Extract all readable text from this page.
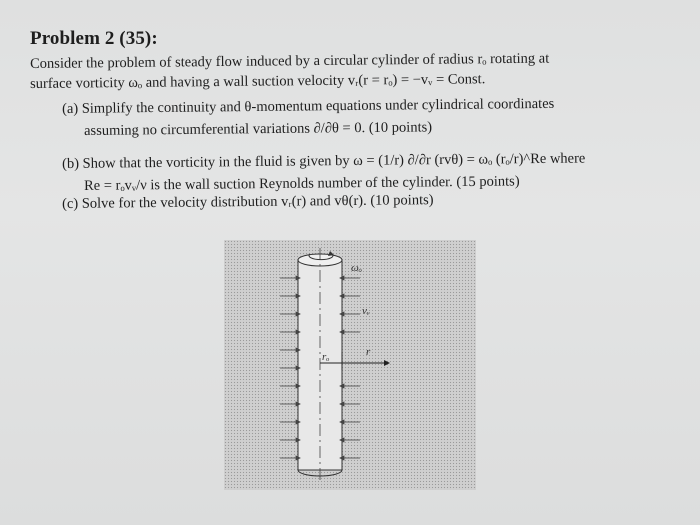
Problem 2 (35):
Consider the problem of steady flow induced by a circular cylinder of radius rₒ rotating at
surface vorticity ωₒ and having a wall suction velocity vᵣ(r = rₒ) = −vᵥ = Const.
(a) Simplify the continuity and θ-momentum equations under cylindrical coordinates
assuming no circumferential variations ∂/∂θ = 0. (10 points)
(b) Show that the vorticity in the fluid is given by ω = (1/r) ∂/∂r (rvθ) = ωₒ (rₒ/r)^Re where
Re = rₒvᵥ/ν is the wall suction Reynolds number of the cylinder. (15 points)
(c) Solve for the velocity distribution vᵣ(r) and vθ(r). (10 points)
ωₒ
vᵥ
r
rₒ
